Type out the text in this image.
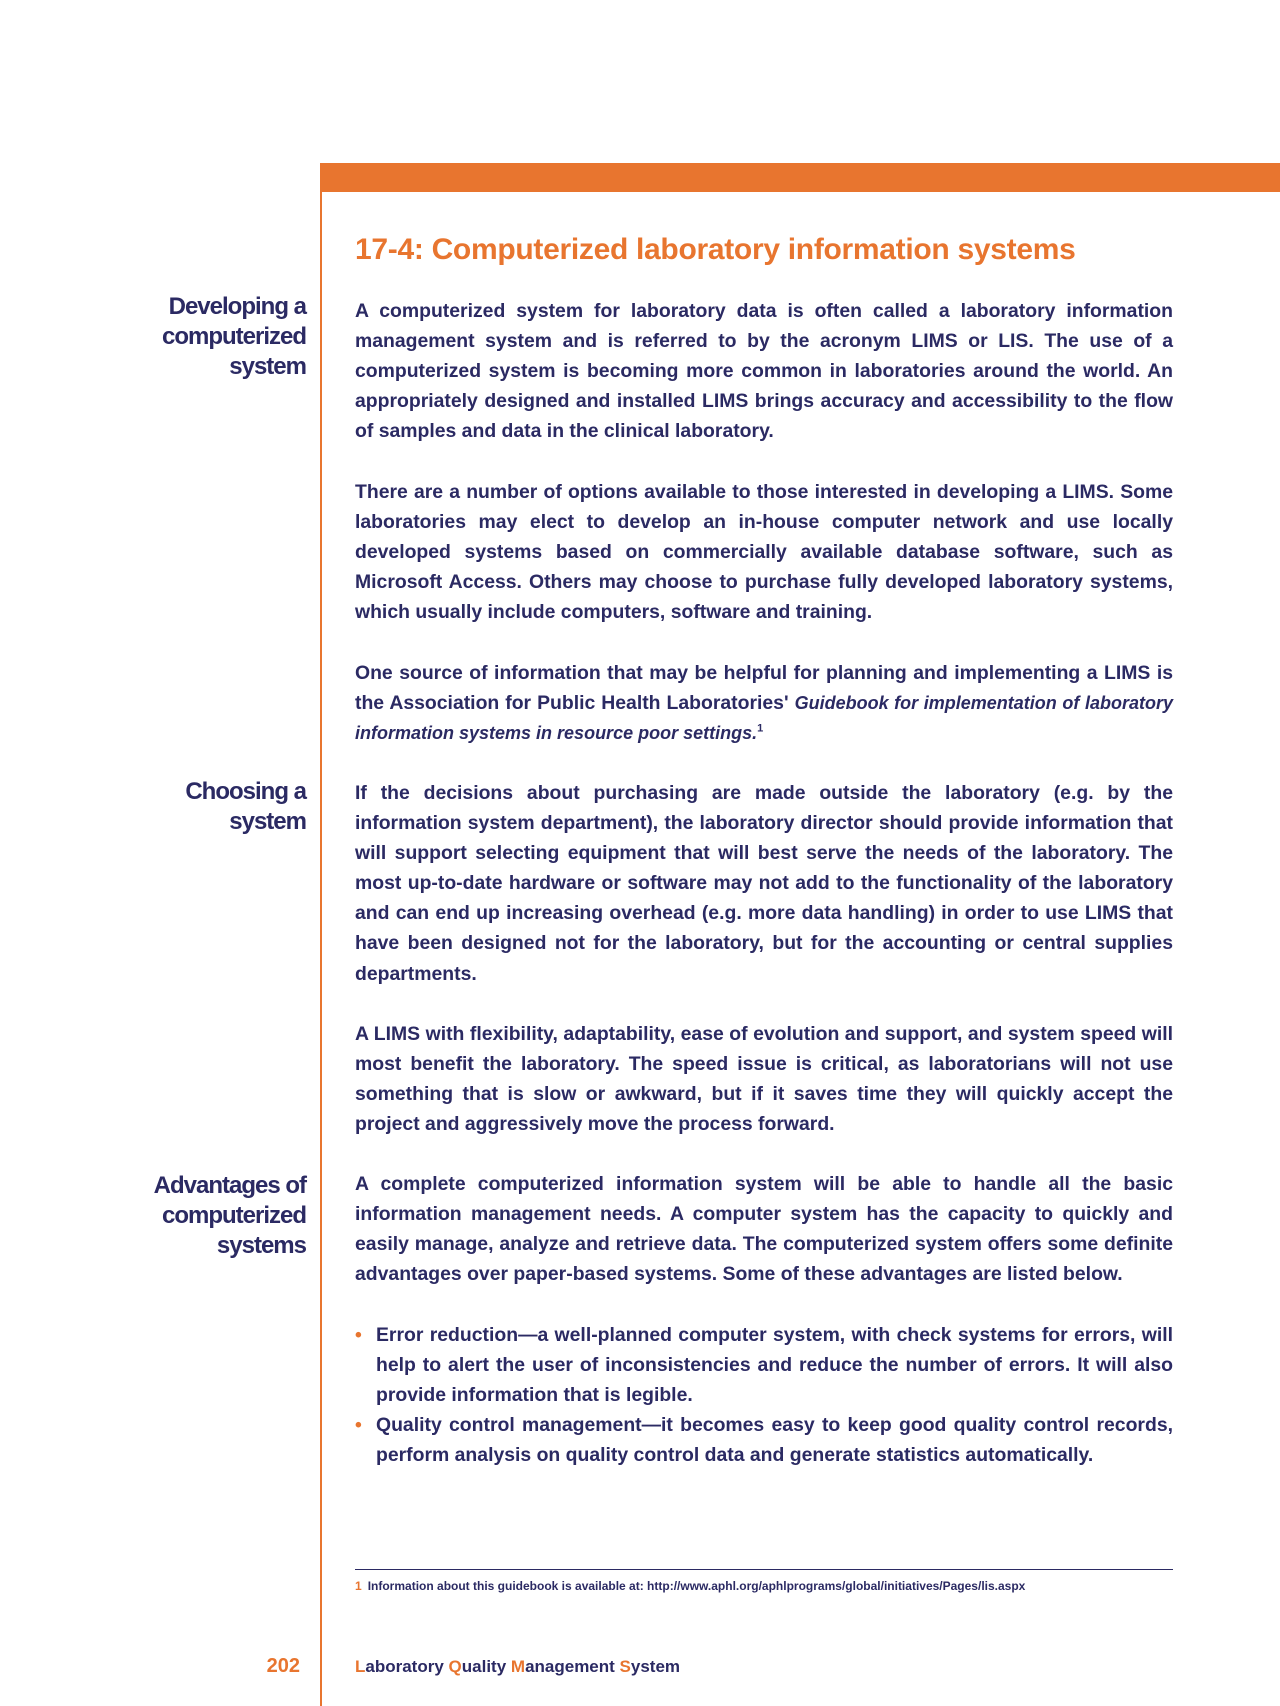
Developing a
computerized
system
Choosing a
system
Advantages of
computerized
systems
17-4: Computerized laboratory information systems
A computerized system for laboratory data is often called a laboratory information management system and is referred to by the acronym LIMS or LIS. The use of a computerized system is becoming more common in laboratories around the world. An appropriately designed and installed LIMS brings accuracy and accessibility to the flow of samples and data in the clinical laboratory.
There are a number of options available to those interested in developing a LIMS. Some laboratories may elect to develop an in-house computer network and use locally developed systems based on commercially available database software, such as Microsoft Access. Others may choose to purchase fully developed laboratory systems, which usually include computers, software and training.
One source of information that may be helpful for planning and implementing a LIMS is the Association for Public Health Laboratories' Guidebook for implementation of laboratory information systems in resource poor settings.$^1$
If the decisions about purchasing are made outside the laboratory (e.g. by the information system department), the laboratory director should provide information that will support selecting equipment that will best serve the needs of the laboratory. The most up-to-date hardware or software may not add to the functionality of the laboratory and can end up increasing overhead (e.g. more data handling) in order to use LIMS that have been designed not for the laboratory, but for the accounting or central supplies departments.
A LIMS with flexibility, adaptability, ease of evolution and support, and system speed will most benefit the laboratory. The speed issue is critical, as laboratorians will not use something that is slow or awkward, but if it saves time they will quickly accept the project and aggressively move the process forward.
A complete computerized information system will be able to handle all the basic information management needs. A computer system has the capacity to quickly and easily manage, analyze and retrieve data. The computerized system offers some definite advantages over paper-based systems. Some of these advantages are listed below.
• Error reduction—a well-planned computer system, with check systems for errors, will help to alert the user of inconsistencies and reduce the number of errors. It will also provide information that is legible.
• Quality control management—it becomes easy to keep good quality control records, perform analysis on quality control data and generate statistics automatically.
1 Information about this guidebook is available at: http://www.aphl.org/aphlprograms/global/initiatives/Pages/lis.aspx
202	Laboratory Quality Management System
